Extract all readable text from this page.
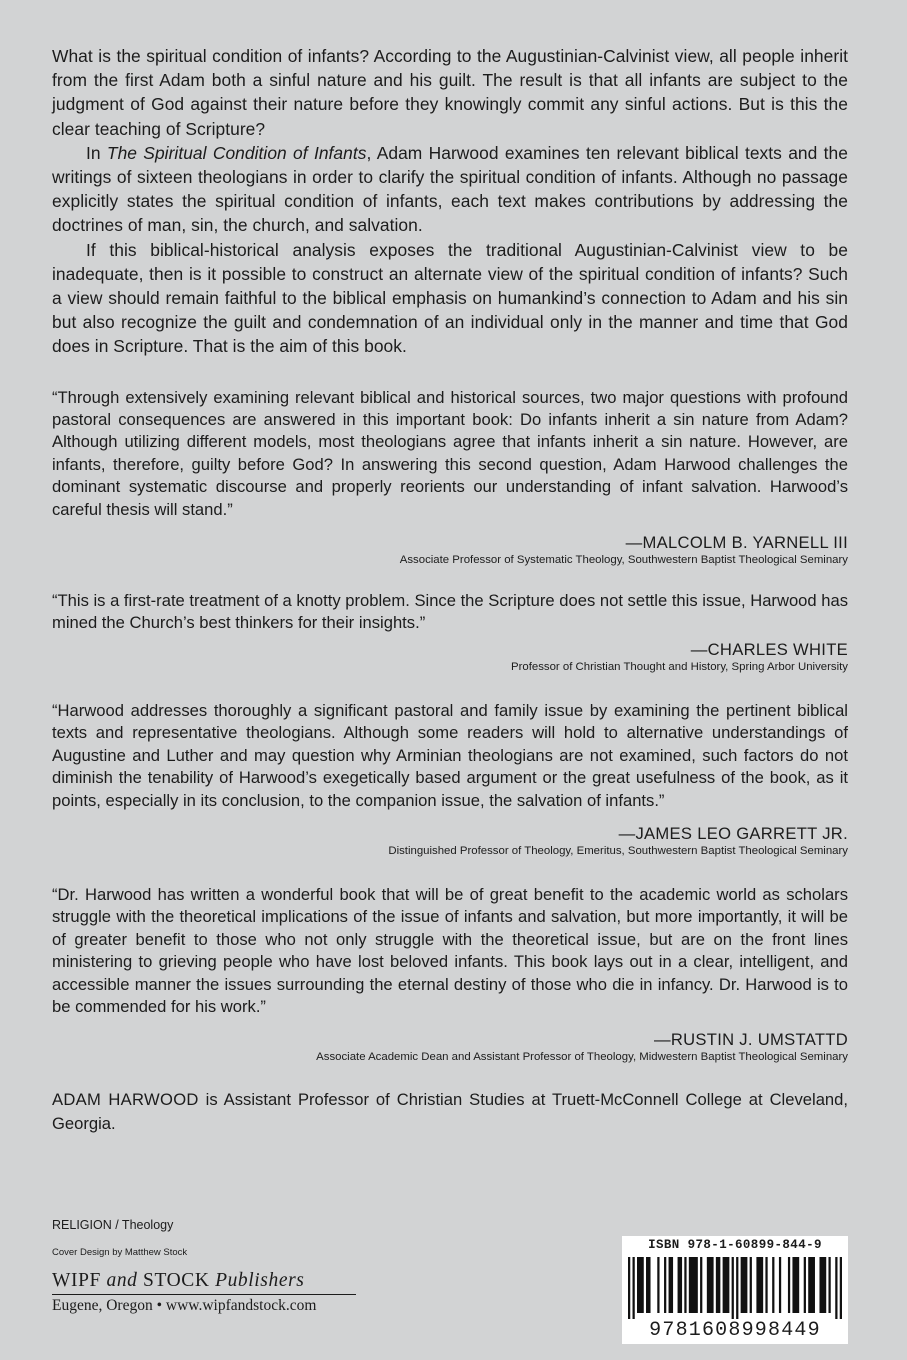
What is the spiritual condition of infants? According to the Augustinian-Calvinist view, all people inherit from the first Adam both a sinful nature and his guilt. The result is that all infants are subject to the judgment of God against their nature before they knowingly commit any sinful actions. But is this the clear teaching of Scripture?

In The Spiritual Condition of Infants, Adam Harwood examines ten relevant biblical texts and the writings of sixteen theologians in order to clarify the spiritual condition of infants. Although no passage explicitly states the spiritual condition of infants, each text makes contributions by addressing the doctrines of man, sin, the church, and salvation.

If this biblical-historical analysis exposes the traditional Augustinian-Calvinist view to be inadequate, then is it possible to construct an alternate view of the spiritual condition of infants? Such a view should remain faithful to the biblical emphasis on humankind’s connection to Adam and his sin but also recognize the guilt and condemnation of an individual only in the manner and time that God does in Scripture. That is the aim of this book.

“Through extensively examining relevant biblical and historical sources, two major questions with profound pastoral consequences are answered in this important book: Do infants inherit a sin nature from Adam? Although utilizing different models, most theologians agree that infants inherit a sin nature. However, are infants, therefore, guilty before God? In answering this second question, Adam Harwood challenges the dominant systematic discourse and properly reorients our understanding of infant salvation. Harwood’s careful thesis will stand.”

—MALCOLM B. YARNELL III
Associate Professor of Systematic Theology, Southwestern Baptist Theological Seminary

“This is a first-rate treatment of a knotty problem. Since the Scripture does not settle this issue, Harwood has mined the Church’s best thinkers for their insights.”

—CHARLES WHITE
Professor of Christian Thought and History, Spring Arbor University

“Harwood addresses thoroughly a significant pastoral and family issue by examining the pertinent biblical texts and representative theologians. Although some readers will hold to alternative understandings of Augustine and Luther and may question why Arminian theologians are not examined, such factors do not diminish the tenability of Harwood’s exegetically based argument or the great usefulness of the book, as it points, especially in its conclusion, to the companion issue, the salvation of infants.”

—JAMES LEO GARRETT JR.
Distinguished Professor of Theology, Emeritus, Southwestern Baptist Theological Seminary

“Dr. Harwood has written a wonderful book that will be of great benefit to the academic world as scholars struggle with the theoretical implications of the issue of infants and salvation, but more importantly, it will be of greater benefit to those who not only struggle with the theoretical issue, but are on the front lines ministering to grieving people who have lost beloved infants. This book lays out in a clear, intelligent, and accessible manner the issues surrounding the eternal destiny of those who die in infancy. Dr. Harwood is to be commended for his work.”

—RUSTIN J. UMSTATTD
Associate Academic Dean and Assistant Professor of Theology, Midwestern Baptist Theological Seminary

ADAM HARWOOD is Assistant Professor of Christian Studies at Truett-McConnell College at Cleveland, Georgia.

RELIGION / Theology
Cover Design by Matthew Stock
WIPF and STOCK Publishers
Eugene, Oregon • www.wipfandstock.com
ISBN 978-1-60899-844-9
9781608998449
